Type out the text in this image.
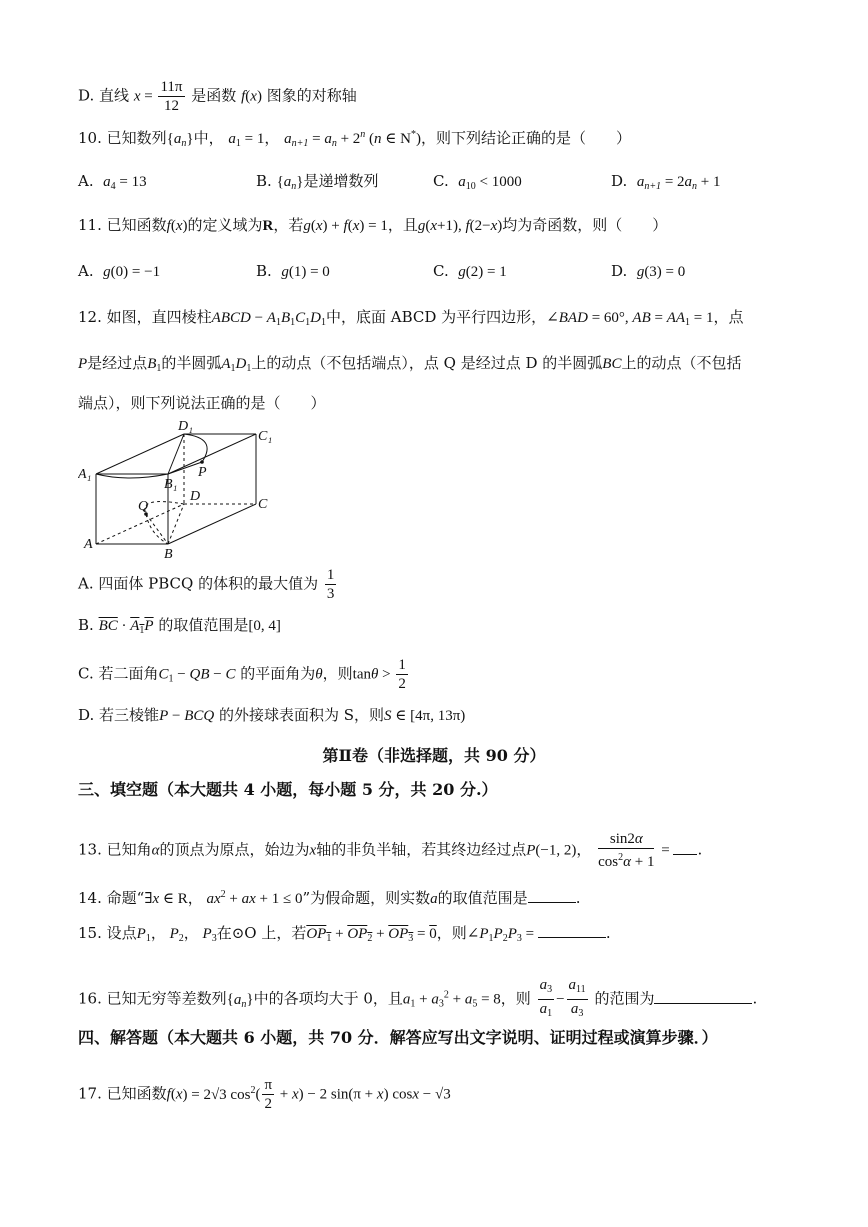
D. 直线 $x = \frac{11\pi}{12}$ 是函数 f(x) 图象的对称轴
10. 已知数列$\{a_n\}$中， $a_1 = 1$， $a_{n+1} = a_n + 2^n$ (n ∈ N*)，则下列结论正确的是（　　）
A. $a_4 = 13$	B. $\{a_n\}$是递增数列	C. $a_{10} < 1000$	D. $a_{n+1} = 2a_n + 1$
11. 已知函数f(x)的定义域为R，若g(x) + f(x) = 1，且g(x+1), f(2−x)均为奇函数，则（　　）
A. g(0) = −1	B. g(1) = 0	C. g(2) = 1	D. g(3) = 0
12. 如图，直四棱柱ABCD − $A_1B_1C_1D_1$中，底面 ABCD 为平行四边形，∠BAD = 60°, AB = $AA_1 = 1$，点
P是经过点$B_1$的半圆弧$A_1D_1$上的动点（不包括端点），点 Q 是经过点 D 的半圆弧BC上的动点（不包括
端点），则下列说法正确的是（　　）
D₁
C₁
A₁
B₁
P
Q
D
C
A
B
A. 四面体 PBCQ 的体积的最大值为 $\frac{1}{3}$
B. $\overline{BC} \cdot A_1P$ 的取值范围是[0, 4]
C. 若二面角$C_1$ − QB − C 的平面角为θ，则$\tan\theta > \frac{1}{2}$
D. 若三棱锥P − BCQ 的外接球表面积为 S，则S ∈ [4π, 13π)
第Ⅱ卷（非选择题，共 90 分）
三、填空题（本大题共 4 小题，每小题 5 分，共 20 分.）
13. 已知角α的顶点为原点，始边为x轴的非负半轴，若其终边经过点P(−1, 2)， $\frac{\sin 2\alpha}{\cos^2\alpha + 1}$ = .
14. 命题“∃x ∈ R， $ax^2$ + ax + 1 ≤ 0”为假命题，则实数a的取值范围是	.
15. 设点$P_1$， $P_2$， $P_3$在⊙O 上，若$OP_1 + OP_2 + OP_3 = 0$，则$\angle P_1P_2P_3$ =	.
16. 已知无穷等差数列$\{a_n\}$中的各项均大于 0，且$a_1 + a_3^2 + a_5 = 8$，则 $\frac{a_3}{a_1} - \frac{a_{11}}{a_3}$ 的范围为	.
四、解答题（本大题共 6 小题，共 70 分．解答应写出文字说明、证明过程或演算步骤．）
17. 已知函数f(x) = 2√3 $\cos^2( \frac{\pi}{2} + x) - 2$ sin(π + x) cosx − √3
